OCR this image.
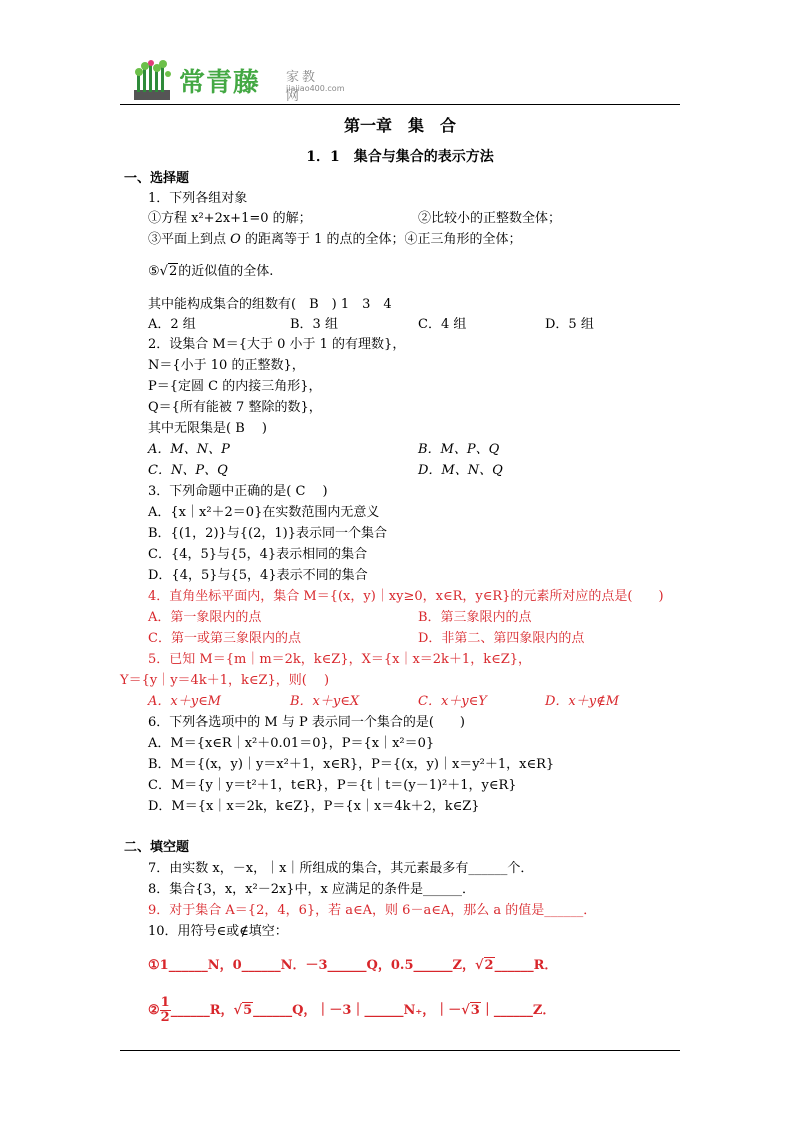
常青藤 家教网
jiajiao400.com
第一章　集　合
1．1　集合与集合的表示方法
一、选择题
1．下列各组对象
①方程 x²+2x+1=0 的解；	②比较小的正整数全体；
③平面上到点 O 的距离等于 1 的点的全体；④正三角形的全体；
⑤√2的近似值的全体.
其中能构成集合的组数有(　B　) 1　3　4
A．2 组	B．3 组	C．4 组	D．5 组
2．设集合 M＝{大于 0 小于 1 的有理数}，
N＝{小于 10 的正整数}，
P＝{定圆 C 的内接三角形}，
Q＝{所有能被 7 整除的数}，
其中无限集是( B　 )
A．M、N、P	B．M、P、Q
C．N、P、Q	D．M、N、Q
3．下列命题中正确的是( C　 )
A．{x｜x²＋2＝0}在实数范围内无意义
B．{(1，2)}与{(2，1)}表示同一个集合
C．{4，5}与{5，4}表示相同的集合
D．{4，5}与{5，4}表示不同的集合
4．直角坐标平面内，集合 M＝{(x，y)｜xy≥0，x∈R，y∈R}的元素所对应的点是(　　)
A．第一象限内的点	B．第三象限内的点
C．第一或第三象限内的点	D．非第二、第四象限内的点
5．已知 M＝{m｜m＝2k，k∈Z}，X＝{x｜x＝2k＋1，k∈Z}，
Y＝{y｜y＝4k＋1，k∈Z}，则(　 )
A．x＋y∈M	B．x＋y∈X	C．x＋y∈Y	D．x＋y∉M
6．下列各选项中的 M 与 P 表示同一个集合的是(　　)
A．M＝{x∈R｜x²＋0.01＝0}，P＝{x｜x²＝0}
B．M＝{(x，y)｜y＝x²＋1，x∈R}，P＝{(x，y)｜x＝y²＋1，x∈R}
C．M＝{y｜y＝t²＋1，t∈R}，P＝{t｜t＝(y－1)²＋1，y∈R}
D．M＝{x｜x＝2k，k∈Z}，P＝{x｜x＝4k＋2，k∈Z}
二、填空题
7．由实数 x，－x，｜x｜所组成的集合，其元素最多有______个．
8．集合{3，x，x²－2x}中，x 应满足的条件是______．
9．对于集合 A＝{2，4，6}，若 a∈A，则 6－a∈A，那么 a 的值是______．
10．用符号∈或∉填空：
①1______N，0______N．－3______Q，0.5______Z，√2______R．
② $\frac{1}{2}$ ______R，√5______Q，｜－3｜______N₊，｜－√3｜______Z．
